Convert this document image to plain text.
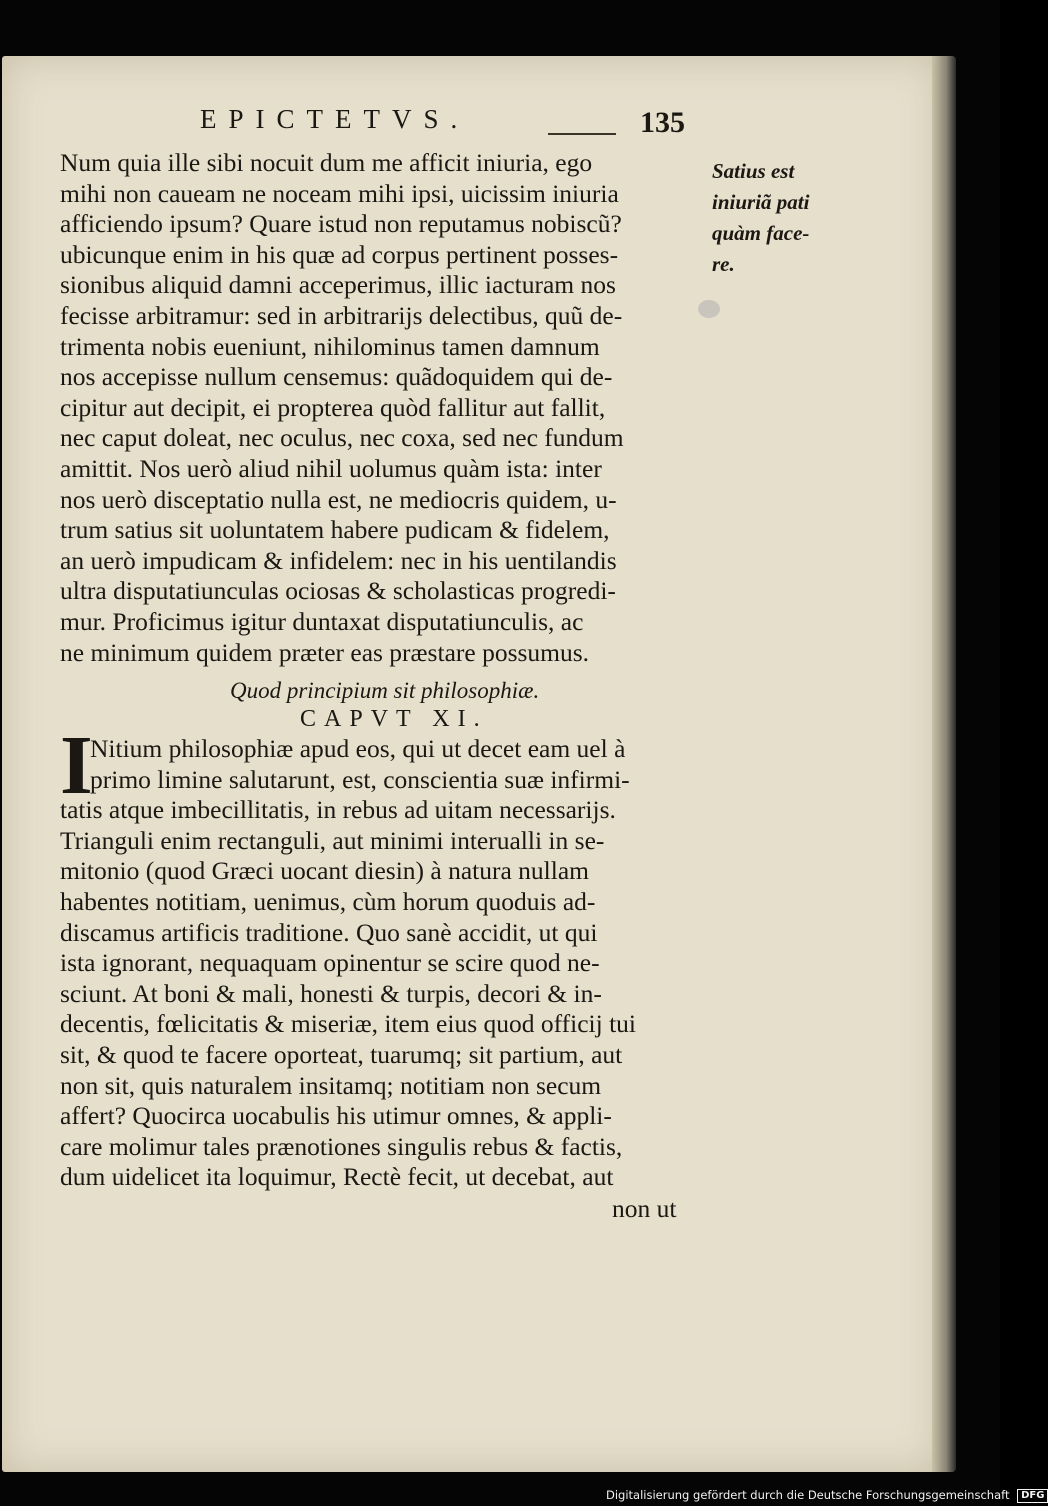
EPICTETVS.	135
Num quia ille sibi nocuit dum me afficit iniuria, ego
mihi non caueam ne noceam mihi ipsi, uicissim iniuria
afficiendo ipsum? Quare istud non reputamus nobiscũ?
ubicunque enim in his quæ ad corpus pertinent posses-
sionibus aliquid damni acceperimus, illic iacturam nos
fecisse arbitramur: sed in arbitrarijs delectibus, quũ de-
trimenta nobis eueniunt, nihilominus tamen damnum
nos accepisse nullum censemus: quãdoquidem qui de-
cipitur aut decipit, ei propterea quòd fallitur aut fallit,
nec caput doleat, nec oculus, nec coxa, sed nec fundum
amittit. Nos uerò aliud nihil uolumus quàm ista: inter
nos uerò disceptatio nulla est, ne mediocris quidem, u-
trum satius sit uoluntatem habere pudicam & fidelem,
an uerò impudicam & infidelem: nec in his uentilandis
ultra disputatiunculas ociosas & scholasticas progredi-
mur. Proficimus igitur duntaxat disputatiunculis, ac
ne minimum quidem præter eas præstare possumus.
Satius est
iniuriã pati
quàm face-
re.
Quod principium sit philosophiæ.
CAPVT XI.
I
Nitium philosophiæ apud eos, qui ut decet eam uel à
primo limine salutarunt, est, conscientia suæ infirmi-
tatis atque imbecillitatis, in rebus ad uitam necessarijs.
Trianguli enim rectanguli, aut minimi interualli in se-
mitonio (quod Græci uocant diesin) à natura nullam
habentes notitiam, uenimus, cùm horum quoduis ad-
discamus artificis traditione. Quo sanè accidit, ut qui
ista ignorant, nequaquam opinentur se scire quod ne-
sciunt. At boni & mali, honesti & turpis, decori & in-
decentis, fœlicitatis & miseriæ, item eius quod officij tui
sit, & quod te facere oporteat, tuarumq; sit partium, aut
non sit, quis naturalem insitamq; notitiam non secum
affert? Quocirca uocabulis his utimur omnes, & appli-
care molimur tales prænotiones singulis rebus & factis,
dum uidelicet ita loquimur, Rectè fecit, ut decebat, aut
non ut
Digitalisierung gefördert durch die Deutsche Forschungsgemeinschaft DFG
